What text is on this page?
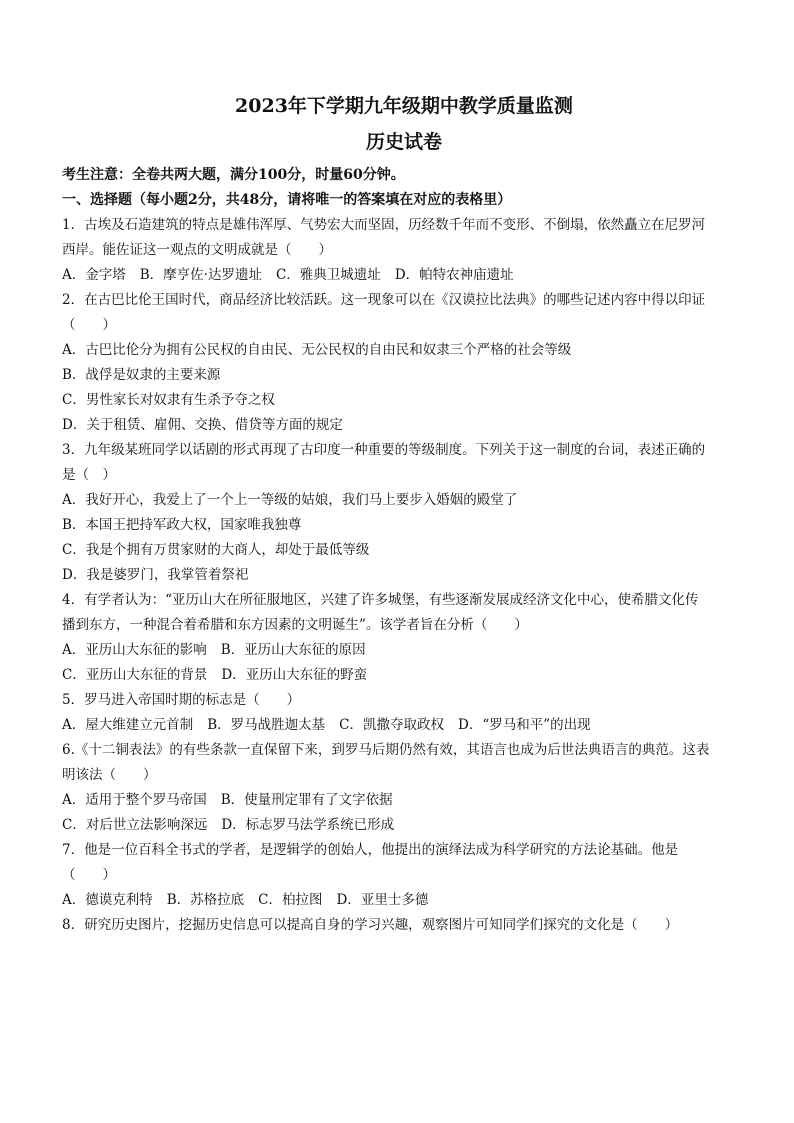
2023年下学期九年级期中教学质量监测
历史试卷
考生注意：全卷共两大题，满分100分，时量60分钟。
一、选择题（每小题2分，共48分，请将唯一的答案填在对应的表格里）
1．古埃及石造建筑的特点是雄伟浑厚、气势宏大而坚固，历经数千年而不变形、不倒塌，依然矗立在尼罗河
西岸。能佐证这一观点的文明成就是（　　）
A．金字塔 B．摩亨佐·达罗遗址 C．雅典卫城遗址 D．帕特农神庙遗址
2．在古巴比伦王国时代，商品经济比较活跃。这一现象可以在《汉谟拉比法典》的哪些记述内容中得以印证
（　　）
A．古巴比伦分为拥有公民权的自由民、无公民权的自由民和奴隶三个严格的社会等级
B．战俘是奴隶的主要来源
C．男性家长对奴隶有生杀予夺之权
D．关于租赁、雇佣、交换、借贷等方面的规定
3．九年级某班同学以话剧的形式再现了古印度一种重要的等级制度。下列关于这一制度的台词，表述正确的
是（　）
A．我好开心，我爱上了一个上一等级的姑娘，我们马上要步入婚姻的殿堂了
B．本国王把持军政大权，国家唯我独尊
C．我是个拥有万贯家财的大商人，却处于最低等级
D．我是婆罗门，我掌管着祭祀
4．有学者认为：“亚历山大在所征服地区，兴建了许多城堡，有些逐渐发展成经济文化中心，使希腊文化传
播到东方，一种混合着希腊和东方因素的文明诞生”。该学者旨在分析（　　）
A．亚历山大东征的影响 B．亚历山大东征的原因
C．亚历山大东征的背景 D．亚历山大东征的野蛮
5．罗马进入帝国时期的标志是（　　）
A．屋大维建立元首制 B．罗马战胜迦太基 C．凯撒夺取政权 D．“罗马和平”的出现
6.《十二铜表法》的有些条款一直保留下来，到罗马后期仍然有效，其语言也成为后世法典语言的典范。这表
明该法（　　）
A．适用于整个罗马帝国 B．使量刑定罪有了文字依据
C．对后世立法影响深远 D．标志罗马法学系统已形成
7．他是一位百科全书式的学者，是逻辑学的创始人，他提出的演绎法成为科学研究的方法论基础。他是
（　　）
A．德谟克利特 B．苏格拉底 C．柏拉图 D．亚里士多德
8．研究历史图片，挖掘历史信息可以提高自身的学习兴趣，观察图片可知同学们探究的文化是（　　）
